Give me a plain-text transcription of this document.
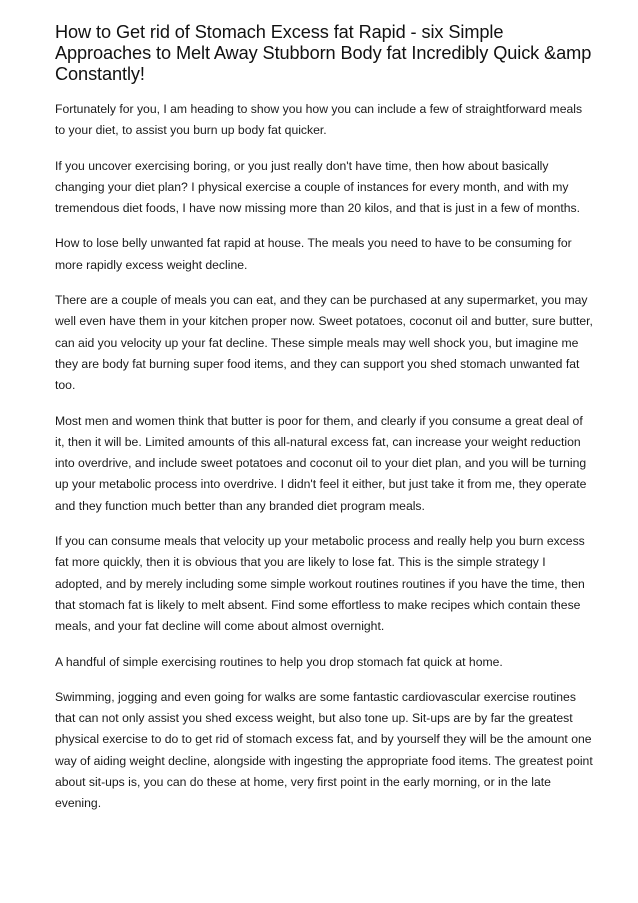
How to Get rid of Stomach Excess fat Rapid - six Simple Approaches to Melt Away Stubborn Body fat Incredibly Quick &amp Constantly!

Fortunately for you, I am heading to show you how you can include a few of straightforward meals to your diet, to assist you burn up body fat quicker.

If you uncover exercising boring, or you just really don't have time, then how about basically changing your diet plan? I physical exercise a couple of instances for every month, and with my tremendous diet foods, I have now missing more than 20 kilos, and that is just in a few of months.

How to lose belly unwanted fat rapid at house. The meals you need to have to be consuming for more rapidly excess weight decline.

There are a couple of meals you can eat, and they can be purchased at any supermarket, you may well even have them in your kitchen proper now. Sweet potatoes, coconut oil and butter, sure butter, can aid you velocity up your fat decline. These simple meals may well shock you, but imagine me they are body fat burning super food items, and they can support you shed stomach unwanted fat too.

Most men and women think that butter is poor for them, and clearly if you consume a great deal of it, then it will be. Limited amounts of this all-natural excess fat, can increase your weight reduction into overdrive, and include sweet potatoes and coconut oil to your diet plan, and you will be turning up your metabolic process into overdrive. I didn't feel it either, but just take it from me, they operate and they function much better than any branded diet program meals.

If you can consume meals that velocity up your metabolic process and really help you burn excess fat more quickly, then it is obvious that you are likely to lose fat. This is the simple strategy I adopted, and by merely including some simple workout routines routines if you have the time, then that stomach fat is likely to melt absent. Find some effortless to make recipes which contain these meals, and your fat decline will come about almost overnight.

A handful of simple exercising routines to help you drop stomach fat quick at home.

Swimming, jogging and even going for walks are some fantastic cardiovascular exercise routines that can not only assist you shed excess weight, but also tone up. Sit-ups are by far the greatest physical exercise to do to get rid of stomach excess fat, and by yourself they will be the amount one way of aiding weight decline, alongside with ingesting the appropriate food items. The greatest point about sit-ups is, you can do these at home, very first point in the early morning, or in the late evening.
